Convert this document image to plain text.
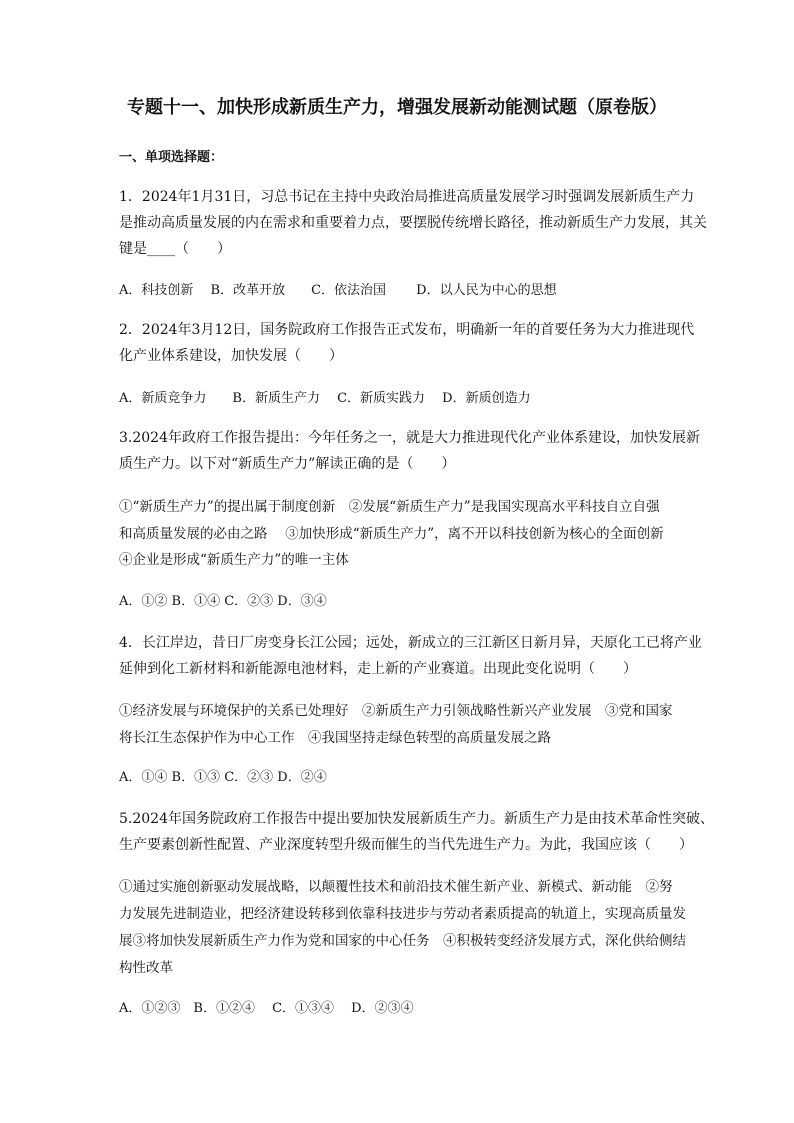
专题十一、加快形成新质生产力，增强发展新动能测试题（原卷版）
一、单项选择题：
1．2024年1月31日，习总书记在主持中央政治局推进高质量发展学习时强调发展新质生产力
是推动高质量发展的内在需求和重要着力点，要摆脱传统增长路径，推动新质生产力发展，其关
键是____（　　）
A．科技创新　 B．改革开放　　C．依法治国　　 D．以人民为中心的思想
2．2024年3月12日，国务院政府工作报告正式发布，明确新一年的首要任务为大力推进现代
化产业体系建设，加快发展（　　）
A．新质竞争力　　B．新质生产力　 C．新质实践力　 D．新质创造力
3.2024年政府工作报告提出：今年任务之一，就是大力推进现代化产业体系建设，加快发展新
质生产力。以下对“新质生产力”解读正确的是（　　）
①“新质生产力”的提出属于制度创新　②发展“新质生产力”是我国实现高水平科技自立自强
和高质量发展的必由之路　 ③加快形成“新质生产力”，离不开以科技创新为核心的全面创新
④企业是形成“新质生产力”的唯一主体
A．①② B．①④ C．②③ D．③④
4．长江岸边，昔日厂房变身长江公园；远处，新成立的三江新区日新月异，天原化工已将产业
延伸到化工新材料和新能源电池材料，走上新的产业赛道。出现此变化说明（　　）
①经济发展与环境保护的关系已处理好　②新质生产力引领战略性新兴产业发展　③党和国家
将长江生态保护作为中心工作　④我国坚持走绿色转型的高质量发展之路
A．①④ B．①③ C．②③ D．②④
5.2024年国务院政府工作报告中提出要加快发展新质生产力。新质生产力是由技术革命性突破、
生产要素创新性配置、产业深度转型升级而催生的当代先进生产力。为此，我国应该（　　）
①通过实施创新驱动发展战略，以颠覆性技术和前沿技术催生新产业、新模式、新动能　②努
力发展先进制造业，把经济建设转移到依靠科技进步与劳动者素质提高的轨道上，实现高质量发
展③将加快发展新质生产力作为党和国家的中心任务　④积极转变经济发展方式，深化供给侧结
构性改革
A．①②③　B．①②④　 C．①③④　 D．②③④
